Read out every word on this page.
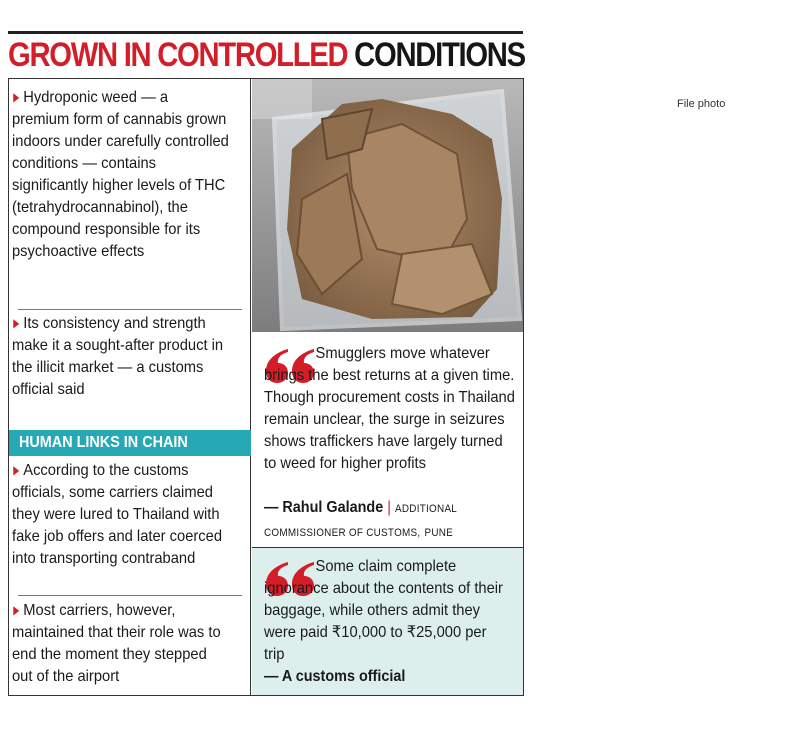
GROWN IN CONTROLLED CONDITIONS
▶ Hydroponic weed — a premium form of cannabis grown indoors under carefully controlled conditions — contains significantly higher levels of THC (tetrahydrocannabinol), the compound responsible for its psychoactive effects
▶ Its consistency and strength make it a sought-after product in the illicit market — a customs official said
HUMAN LINKS IN CHAIN
▶ According to the customs officials, some carriers claimed they were lured to Thailand with fake job offers and later coerced into transporting contraband
▶ Most carriers, however, maintained that their role was to end the moment they stepped out of the airport
File photo
Smugglers move whatever brings the best returns at a given time. Though procurement costs in Thailand remain unclear, the surge in seizures shows traffickers have largely turned to weed for higher profits
— Rahul Galande | ADDITIONAL
COMMISSIONER OF CUSTOMS, PUNE
Some claim complete ignorance about the contents of their baggage, while others admit they were paid ₹10,000 to ₹25,000 per trip
— A customs official
